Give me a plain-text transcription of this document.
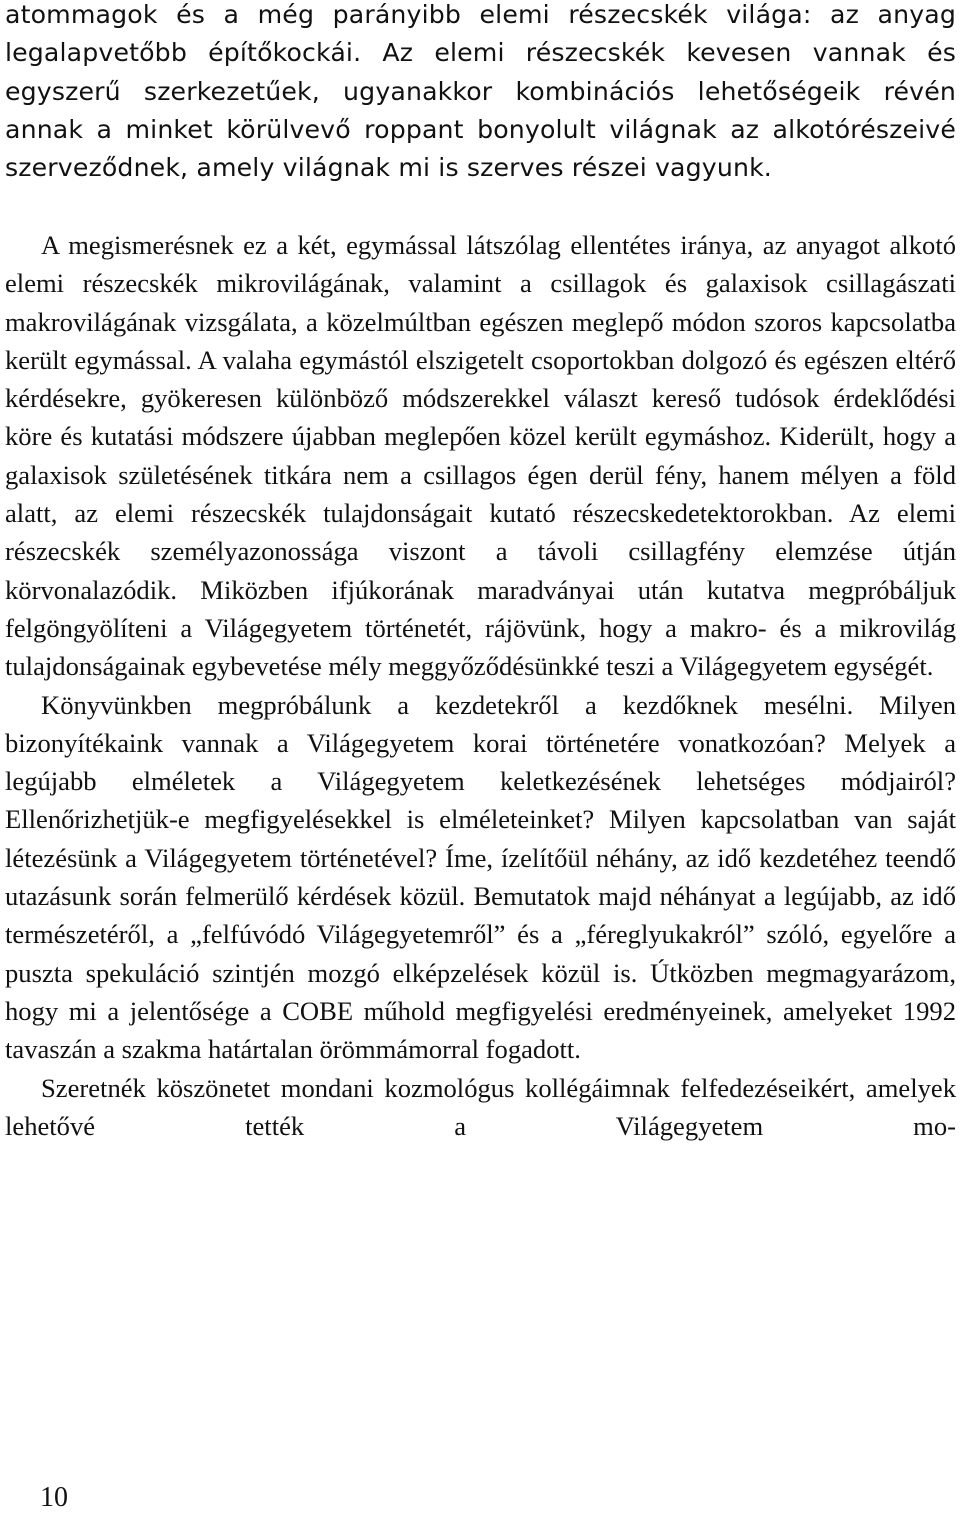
atommagok és a még parányibb elemi részecskék világa: az anyag legalapvetőbb építőkockái. Az elemi részecskék kevesen vannak és egyszerű szerkezetűek, ugyanakkor kombinációs lehetőségeik révén annak a minket körülvevő roppant bonyolult világnak az alkotórészeivé szerveződnek, amely világnak mi is szerves részei vagyunk.

A megismerésnek ez a két, egymással látszólag ellentétes iránya, az anyagot alkotó elemi részecskék mikrovilágának, valamint a csillagok és galaxisok csillagászati makrovilágának vizsgálata, a közelmúltban egészen meglepő módon szoros kapcsolatba került egymással. A valaha egymástól elszigetelt csoportokban dolgozó és egészen eltérő kérdésekre, gyökeresen különböző módszerekkel választ kereső tudósok érdeklődési köre és kutatási módszere újabban meglepően közel került egymáshoz. Kiderült, hogy a galaxisok születésének titkára nem a csillagos égen derül fény, hanem mélyen a föld alatt, az elemi részecskék tulajdonságait kutató részecskedetektorokban. Az elemi részecskék személyazonossága viszont a távoli csillagfény elemzése útján körvonalazódik. Miközben ifjúkorának maradványai után kutatva megpróbáljuk felgöngyölíteni a Világegyetem történetét, rájövünk, hogy a makro- és a mikrovilág tulajdonságainak egybevetése mély meggyőződésünkké teszi a Világegyetem egységét.

Könyvünkben megpróbálunk a kezdetekről a kezdőknek mesélni. Milyen bizonyítékaink vannak a Világegyetem korai történetére vonatkozóan? Melyek a legújabb elméletek a Világegyetem keletkezésének lehetséges módjairól? Ellenőrizhetjük-e megfigyelésekkel is elméleteinket? Milyen kapcsolatban van saját létezésünk a Világegyetem történetével? Íme, ízelítőül néhány, az idő kezdetéhez teendő utazásunk során felmerülő kérdések közül. Bemutatok majd néhányat a legújabb, az idő természetéről, a „felfúvódó Világegyetemről” és a „féreglyukakról” szóló, egyelőre a puszta spekuláció szintjén mozgó elképzelések közül is. Útközben megmagyarázom, hogy mi a jelentősége a COBE műhold megfigyelési eredményeinek, amelyeket 1992 tavaszán a szakma határtalan örömmámorral fogadott.

Szeretnék köszönetet mondani kozmológus kollégáimnak felfedezéseikért, amelyek lehetővé tették a Világegyetem mo-

10
